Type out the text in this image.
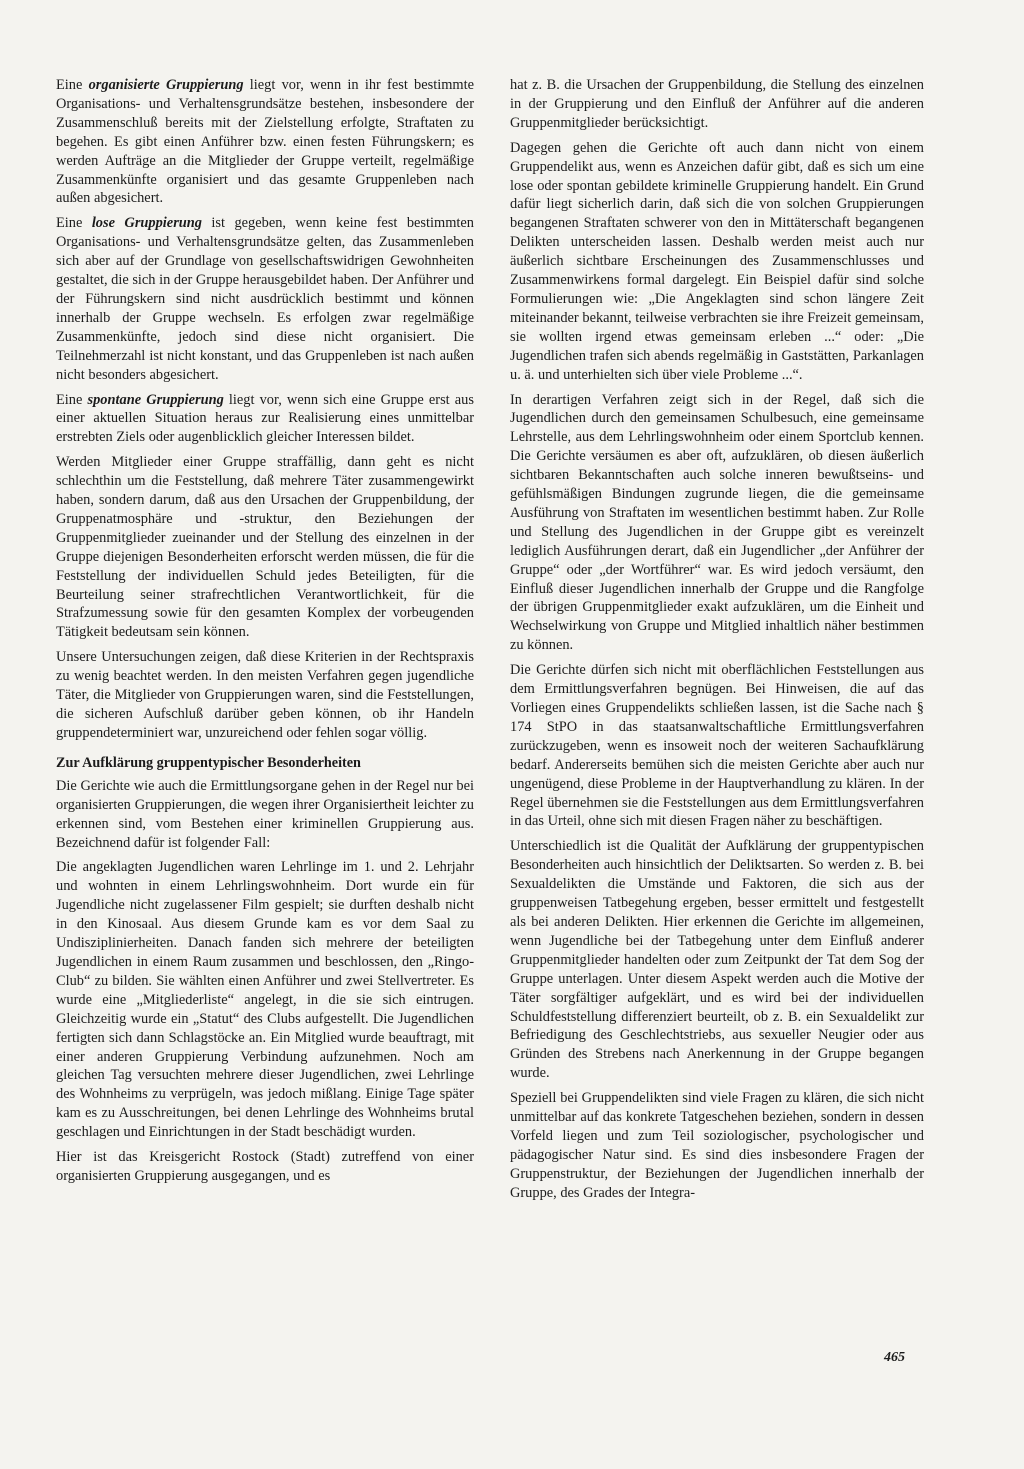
Eine organisierte Gruppierung liegt vor, wenn in ihr fest bestimmte Organisations- und Verhaltensgrundsätze bestehen, insbesondere der Zusammenschluß bereits mit der Zielstellung erfolgte, Straftaten zu begehen. Es gibt einen Anführer bzw. einen festen Führungskern; es werden Aufträge an die Mitglieder der Gruppe verteilt, regelmäßige Zusammenkünfte organisiert und das gesamte Gruppenleben nach außen abgesichert.

Eine lose Gruppierung ist gegeben, wenn keine fest bestimmten Organisations- und Verhaltensgrundsätze gelten, das Zusammenleben sich aber auf der Grundlage von gesellschaftswidrigen Gewohnheiten gestaltet, die sich in der Gruppe herausgebildet haben. Der Anführer und der Führungskern sind nicht ausdrücklich bestimmt und können innerhalb der Gruppe wechseln. Es erfolgen zwar regelmäßige Zusammenkünfte, jedoch sind diese nicht organisiert. Die Teilnehmerzahl ist nicht konstant, und das Gruppenleben ist nach außen nicht besonders abgesichert.

Eine spontane Gruppierung liegt vor, wenn sich eine Gruppe erst aus einer aktuellen Situation heraus zur Realisierung eines unmittelbar erstrebten Ziels oder augenblicklich gleicher Interessen bildet.

Werden Mitglieder einer Gruppe straffällig, dann geht es nicht schlechthin um die Feststellung, daß mehrere Täter zusammengewirkt haben, sondern darum, daß aus den Ursachen der Gruppenbildung, der Gruppenatmosphäre und -struktur, den Beziehungen der Gruppenmitglieder zueinander und der Stellung des einzelnen in der Gruppe diejenigen Besonderheiten erforscht werden müssen, die für die Feststellung der individuellen Schuld jedes Beteiligten, für die Beurteilung seiner strafrechtlichen Verantwortlichkeit, für die Strafzumessung sowie für den gesamten Komplex der vorbeugenden Tätigkeit bedeutsam sein können.

Unsere Untersuchungen zeigen, daß diese Kriterien in der Rechtspraxis zu wenig beachtet werden. In den meisten Verfahren gegen jugendliche Täter, die Mitglieder von Gruppierungen waren, sind die Feststellungen, die sicheren Aufschluß darüber geben können, ob ihr Handeln gruppendeterminiert war, unzureichend oder fehlen sogar völlig.

Zur Aufklärung gruppentypischer Besonderheiten

Die Gerichte wie auch die Ermittlungsorgane gehen in der Regel nur bei organisierten Gruppierungen, die wegen ihrer Organisiertheit leichter zu erkennen sind, vom Bestehen einer kriminellen Gruppierung aus. Bezeichnend dafür ist folgender Fall:

Die angeklagten Jugendlichen waren Lehrlinge im 1. und 2. Lehrjahr und wohnten in einem Lehrlingswohnheim. Dort wurde ein für Jugendliche nicht zugelassener Film gespielt; sie durften deshalb nicht in den Kinosaal. Aus diesem Grunde kam es vor dem Saal zu Undisziplinierheiten. Danach fanden sich mehrere der beteiligten Jugendlichen in einem Raum zusammen und beschlossen, den „Ringo-Club“ zu bilden. Sie wählten einen Anführer und zwei Stellvertreter. Es wurde eine „Mitgliederliste“ angelegt, in die sie sich eintrugen. Gleichzeitig wurde ein „Statut“ des Clubs aufgestellt. Die Jugendlichen fertigten sich dann Schlagstöcke an. Ein Mitglied wurde beauftragt, mit einer anderen Gruppierung Verbindung aufzunehmen. Noch am gleichen Tag versuchten mehrere dieser Jugendlichen, zwei Lehrlinge des Wohnheims zu verprügeln, was jedoch mißlang. Einige Tage später kam es zu Ausschreitungen, bei denen Lehrlinge des Wohnheims brutal geschlagen und Einrichtungen in der Stadt beschädigt wurden.

Hier ist das Kreisgericht Rostock (Stadt) zutreffend von einer organisierten Gruppierung ausgegangen, und es

hat z. B. die Ursachen der Gruppenbildung, die Stellung des einzelnen in der Gruppierung und den Einfluß der Anführer auf die anderen Gruppenmitglieder berücksichtigt.

Dagegen gehen die Gerichte oft auch dann nicht von einem Gruppendelikt aus, wenn es Anzeichen dafür gibt, daß es sich um eine lose oder spontan gebildete kriminelle Gruppierung handelt. Ein Grund dafür liegt sicherlich darin, daß sich die von solchen Gruppierungen begangenen Straftaten schwerer von den in Mittäterschaft begangenen Delikten unterscheiden lassen. Deshalb werden meist auch nur äußerlich sichtbare Erscheinungen des Zusammenschlusses und Zusammenwirkens formal dargelegt. Ein Beispiel dafür sind solche Formulierungen wie: „Die Angeklagten sind schon längere Zeit miteinander bekannt, teilweise verbrachten sie ihre Freizeit gemeinsam, sie wollten irgend etwas gemeinsam erleben ...“ oder: „Die Jugendlichen trafen sich abends regelmäßig in Gaststätten, Parkanlagen u. ä. und unterhielten sich über viele Probleme ...“.

In derartigen Verfahren zeigt sich in der Regel, daß sich die Jugendlichen durch den gemeinsamen Schulbesuch, eine gemeinsame Lehrstelle, aus dem Lehrlingswohnheim oder einem Sportclub kennen. Die Gerichte versäumen es aber oft, aufzuklären, ob diesen äußerlich sichtbaren Bekanntschaften auch solche inneren bewußtseins- und gefühlsmäßigen Bindungen zugrunde liegen, die die gemeinsame Ausführung von Straftaten im wesentlichen bestimmt haben. Zur Rolle und Stellung des Jugendlichen in der Gruppe gibt es vereinzelt lediglich Ausführungen derart, daß ein Jugendlicher „der Anführer der Gruppe“ oder „der Wortführer“ war. Es wird jedoch versäumt, den Einfluß dieser Jugendlichen innerhalb der Gruppe und die Rangfolge der übrigen Gruppenmitglieder exakt aufzuklären, um die Einheit und Wechselwirkung von Gruppe und Mitglied inhaltlich näher bestimmen zu können.

Die Gerichte dürfen sich nicht mit oberflächlichen Feststellungen aus dem Ermittlungsverfahren begnügen. Bei Hinweisen, die auf das Vorliegen eines Gruppendelikts schließen lassen, ist die Sache nach § 174 StPO in das staatsanwaltschaftliche Ermittlungsverfahren zurückzugeben, wenn es insoweit noch der weiteren Sachaufklärung bedarf. Andererseits bemühen sich die meisten Gerichte aber auch nur ungenügend, diese Probleme in der Hauptverhandlung zu klären. In der Regel übernehmen sie die Feststellungen aus dem Ermittlungsverfahren in das Urteil, ohne sich mit diesen Fragen näher zu beschäftigen.

Unterschiedlich ist die Qualität der Aufklärung der gruppentypischen Besonderheiten auch hinsichtlich der Deliktsarten. So werden z. B. bei Sexualdelikten die Umstände und Faktoren, die sich aus der gruppenweisen Tatbegehung ergeben, besser ermittelt und festgestellt als bei anderen Delikten. Hier erkennen die Gerichte im allgemeinen, wenn Jugendliche bei der Tatbegehung unter dem Einfluß anderer Gruppenmitglieder handelten oder zum Zeitpunkt der Tat dem Sog der Gruppe unterlagen. Unter diesem Aspekt werden auch die Motive der Täter sorgfältiger aufgeklärt, und es wird bei der individuellen Schuldfeststellung differenziert beurteilt, ob z. B. ein Sexualdelikt zur Befriedigung des Geschlechtstriebs, aus sexueller Neugier oder aus Gründen des Strebens nach Anerkennung in der Gruppe begangen wurde.

Speziell bei Gruppendelikten sind viele Fragen zu klären, die sich nicht unmittelbar auf das konkrete Tatgeschehen beziehen, sondern in dessen Vorfeld liegen und zum Teil soziologischer, psychologischer und pädagogischer Natur sind. Es sind dies insbesondere Fragen der Gruppenstruktur, der Beziehungen der Jugendlichen innerhalb der Gruppe, des Grades der Integra-

465
